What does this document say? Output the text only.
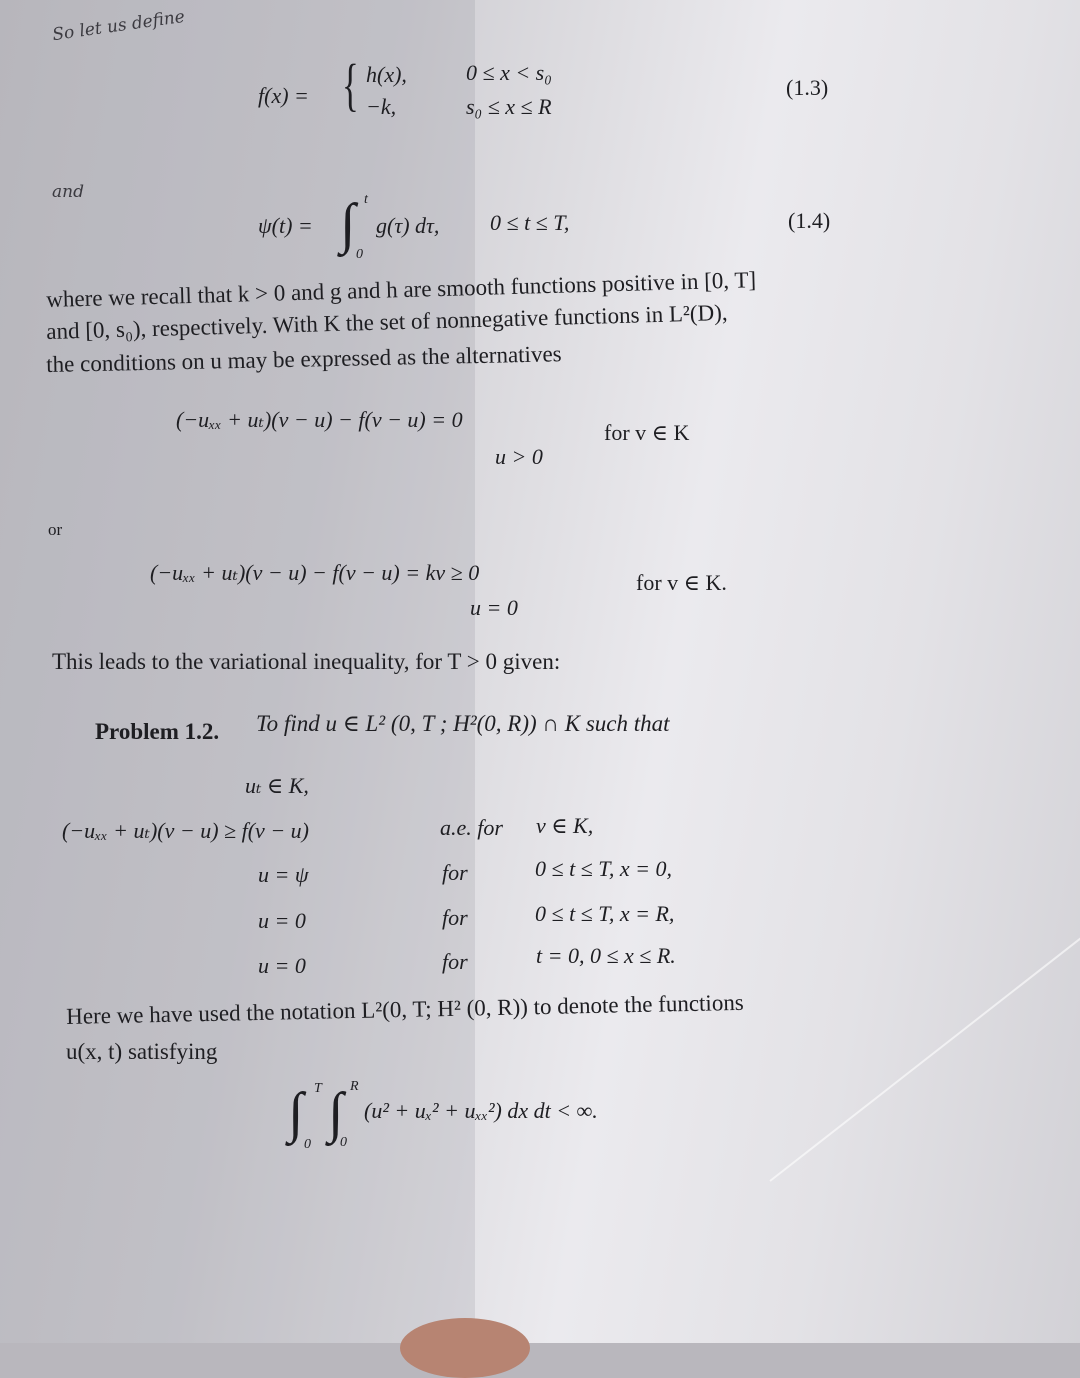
So let us define
f(x) = { h(x),	0 ≤ x < s₀
−k,	s₀ ≤ x ≤ R
(1.3)
and
ψ(t) = ∫ t
0
g(τ) dτ, 0 ≤ t ≤ T,	(1.4)
where we recall that k > 0 and g and h are smooth functions positive in [0, T]
and [0, s₀), respectively. With K the set of nonnegative functions in L²(D),
the conditions on u may be expressed as the alternatives
(−uₓₓ + uₜ)(v − u) − f(v − u) = 0
u > 0
for v ∈ K
or
(−uₓₓ + uₜ)(v − u) − f(v − u) = kv ≥ 0
u = 0
for v ∈ K.
This leads to the variational inequality, for T > 0 given:
Problem 1.2. To find u ∈ L² (0, T ; H²(0, R)) ∩ K such that
uₜ ∈ K,
(−uₓₓ + uₜ)(v − u) ≥ f(v − u)	a.e. for v ∈ K,
u = ψ	for	0 ≤ t ≤ T, x = 0,
u = 0	for	0 ≤ t ≤ T, x = R,
u = 0	for	t = 0, 0 ≤ x ≤ R.
Here we have used the notation L²(0, T; H² (0, R)) to denote the functions
u(x, t) satisfying
∫ T
0
∫ R
0
(u² + uₓ² + uₓₓ²) dx dt < ∞.
